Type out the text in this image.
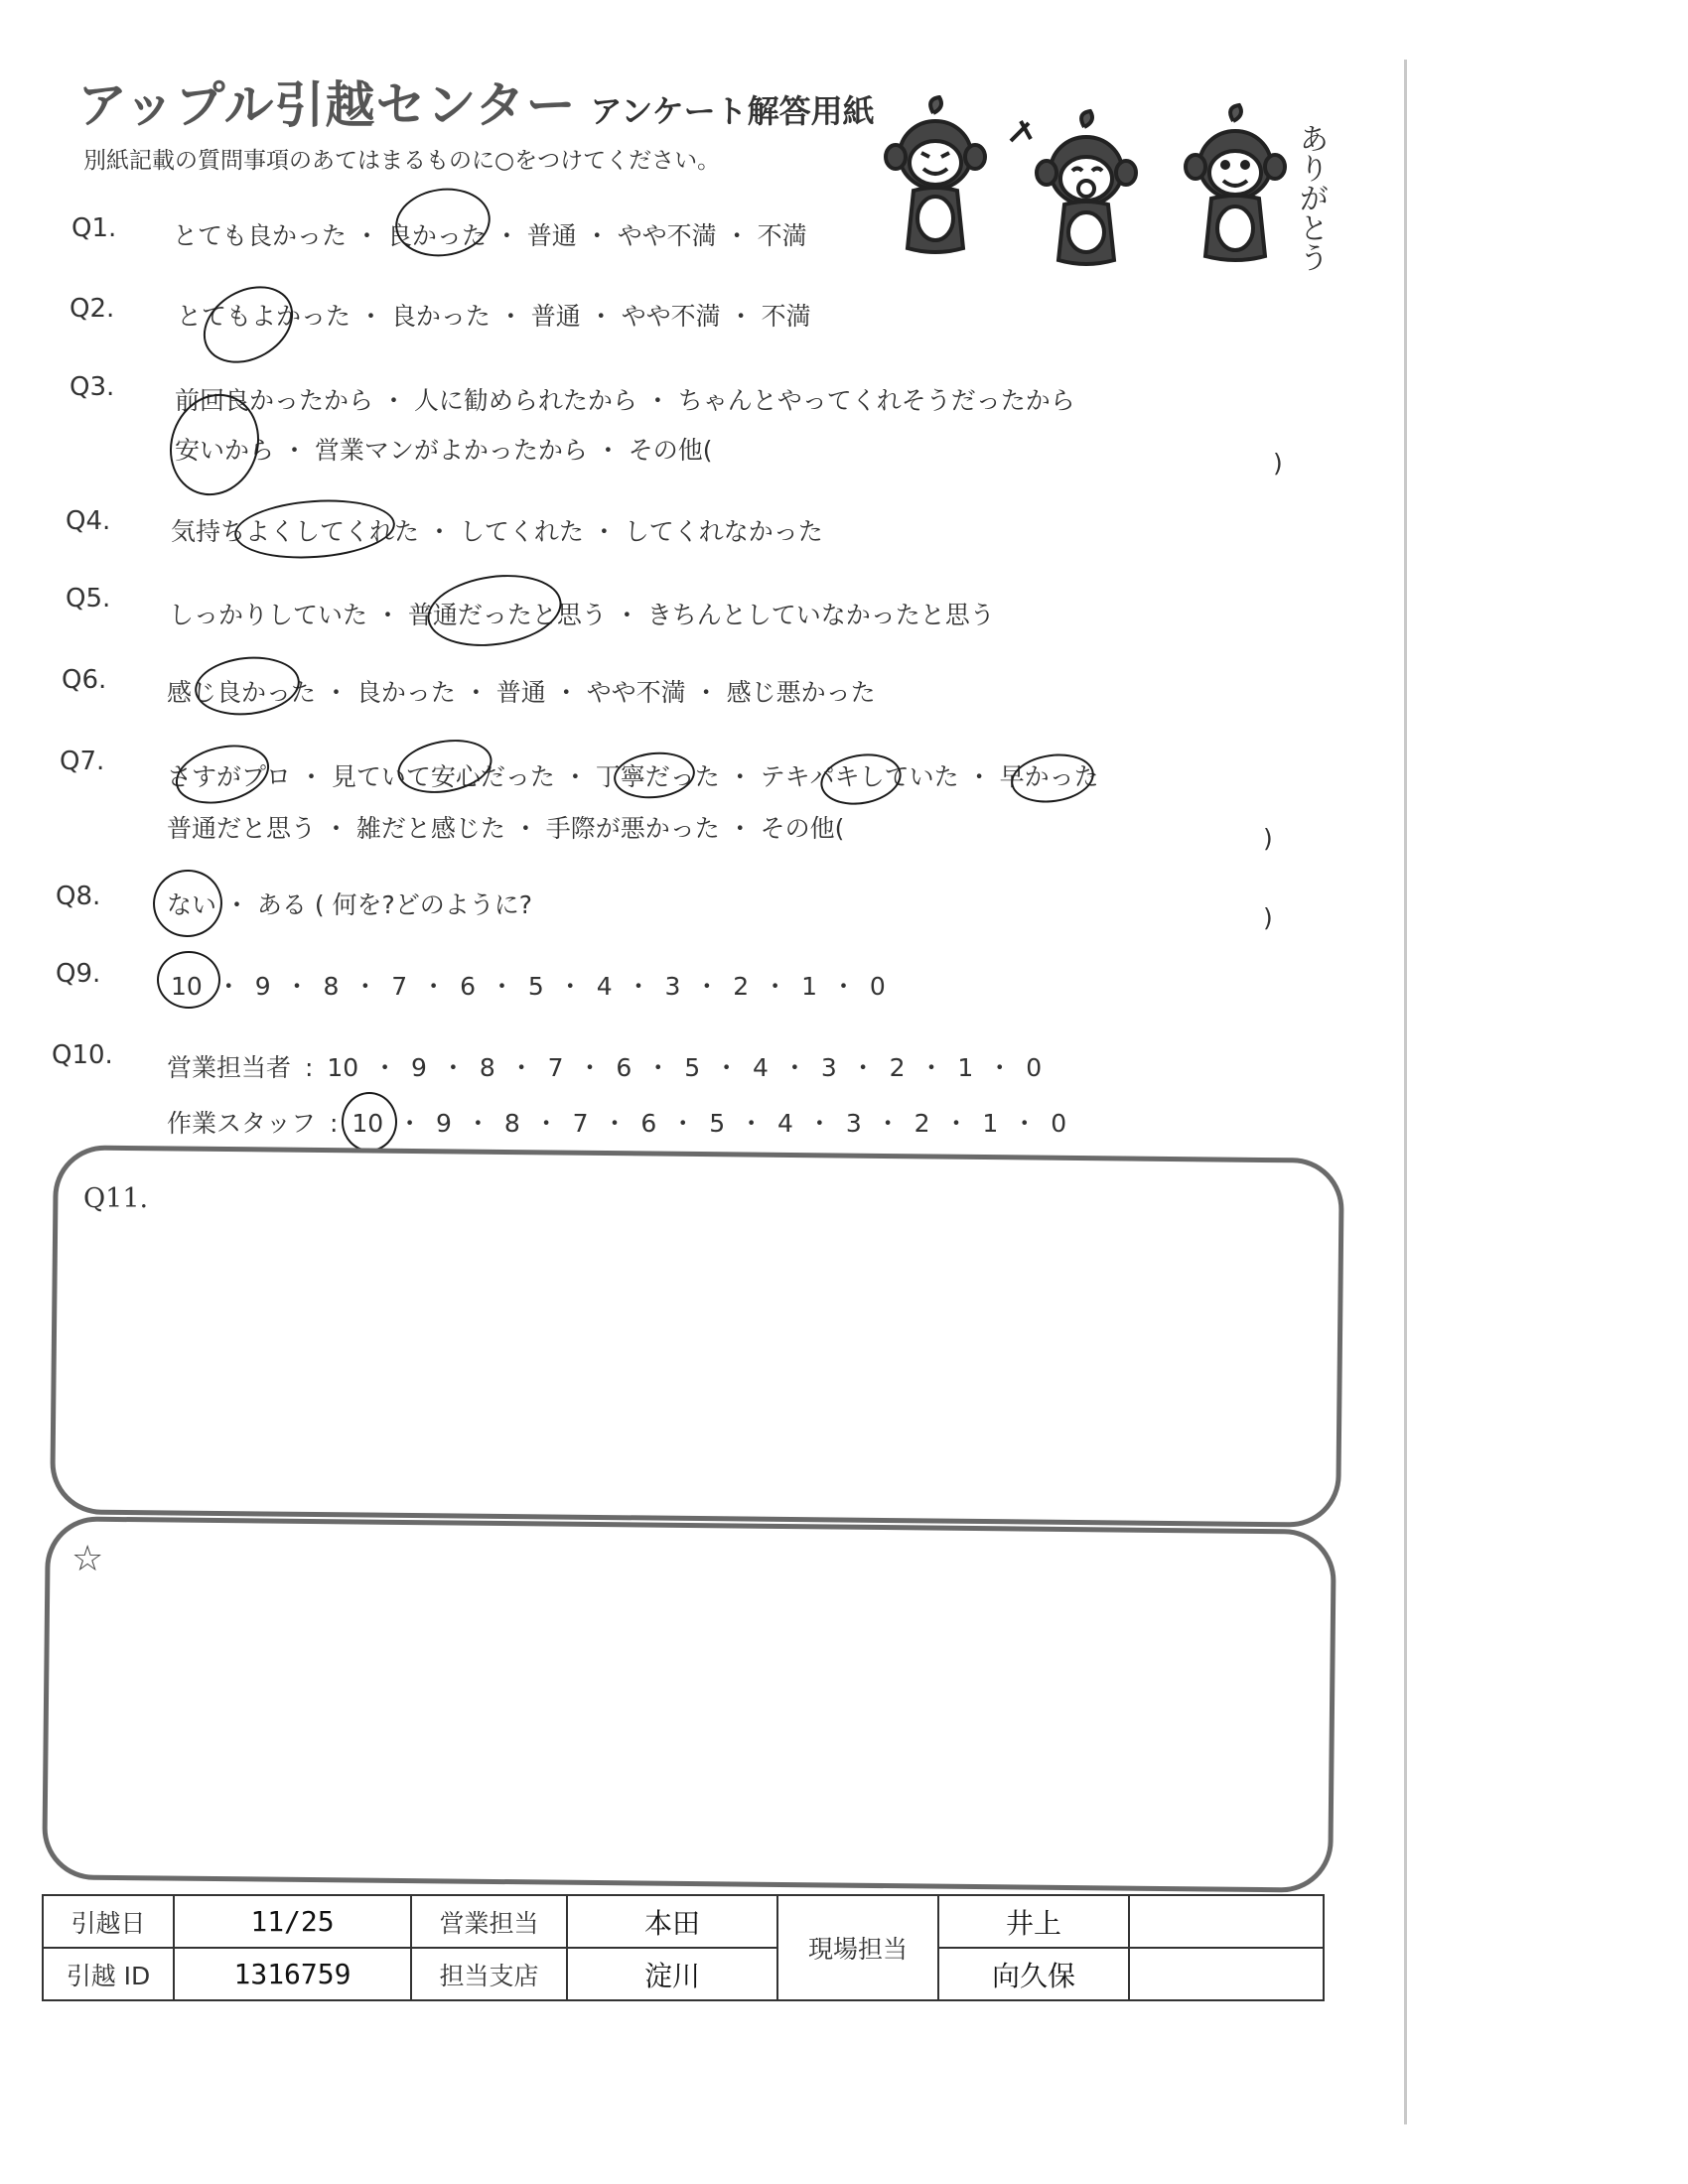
アップル引越センター アンケート解答用紙
別紙記載の質問事項のあてはまるものに○をつけてください。	ありがとう
Q1. とても良かった ・ 良かった ・ 普通 ・ やや不満 ・ 不満
Q2.	とてもよかった ・ 良かった ・ 普通 ・ やや不満 ・ 不満
Q3. 前回良かったから ・ 人に勧められたから ・ ちゃんとやってくれそうだったから
安いから ・ 営業マンがよかったから ・ その他(	)
Q4. 気持ちよくしてくれた ・ してくれた ・ してくれなかった
Q5.
しっかりしていた ・ 普通だったと思う ・ きちんとしていなかったと思う
Q6. 感じ良かった ・ 良かった ・ 普通 ・ やや不満 ・ 感じ悪かった
Q7.
さすがプロ ・ 見ていて安心だった ・ 丁寧だった ・ テキパキしていた ・ 早かった
普通だと思う ・ 雑だと感じた ・ 手際が悪かった ・ その他(	)
Q8.	ない ・ ある ( 何を?どのように?	)
Q9.	10 ・ 9 ・ 8 ・ 7 ・ 6 ・ 5 ・ 4 ・ 3 ・ 2 ・ 1 ・ 0
Q10. 営業担当者 : 10 ・ 9 ・ 8 ・ 7 ・ 6 ・ 5 ・ 4 ・ 3 ・ 2 ・ 1 ・ 0
作業スタッフ : 10 ・ 9 ・ 8 ・ 7 ・ 6 ・ 5 ・ 4 ・ 3 ・ 2 ・ 1 ・ 0
Q11.
☆
引越日	11/25	営業担当	本田	現場担当	井上	
引越 ID	1316759	担当支店	淀川		向久保	
